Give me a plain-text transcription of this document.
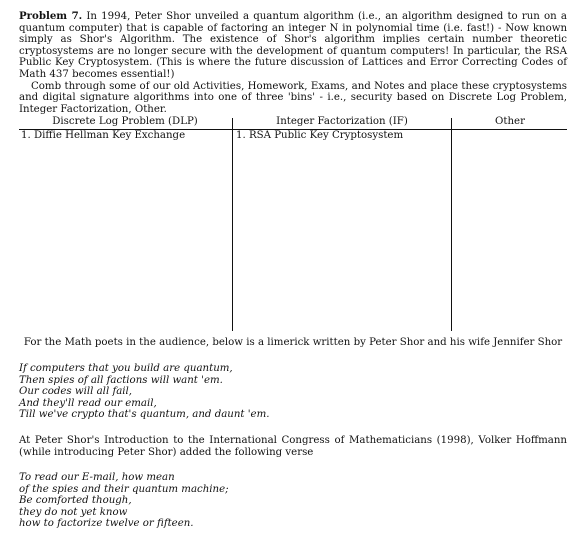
Problem 7. In 1994, Peter Shor unveiled a quantum algorithm (i.e., an algorithm designed to run on a quantum computer) that is capable of factoring an integer N in polynomial time (i.e. fast!) - Now known simply as Shor's Algorithm. The existence of Shor's algorithm implies certain number theoretic cryptosystems are no longer secure with the development of quantum computers! In particular, the RSA Public Key Cryptosystem. (This is where the future discussion of Lattices and Error Correcting Codes of Math 437 becomes essential!)

Comb through some of our old Activities, Homework, Exams, and Notes and place these cryptosystems and digital signature algorithms into one of three 'bins' - i.e., security based on Discrete Log Problem, Integer Factorization, Other.

Discrete Log Problem (DLP)	Integer Factorization (IF)	Other
1. Diffie Hellman Key Exchange	1. RSA Public Key Cryptosystem

For the Math poets in the audience, below is a limerick written by Peter Shor and his wife Jennifer Shor

If computers that you build are quantum,
Then spies of all factions will want 'em.
Our codes will all fail,
And they'll read our email,
Till we've crypto that's quantum, and daunt 'em.

At Peter Shor's Introduction to the International Congress of Mathematicians (1998), Volker Hoffmann (while introducing Peter Shor) added the following verse

To read our E-mail, how mean
of the spies and their quantum machine;
Be comforted though,
they do not yet know
how to factorize twelve or fifteen.
